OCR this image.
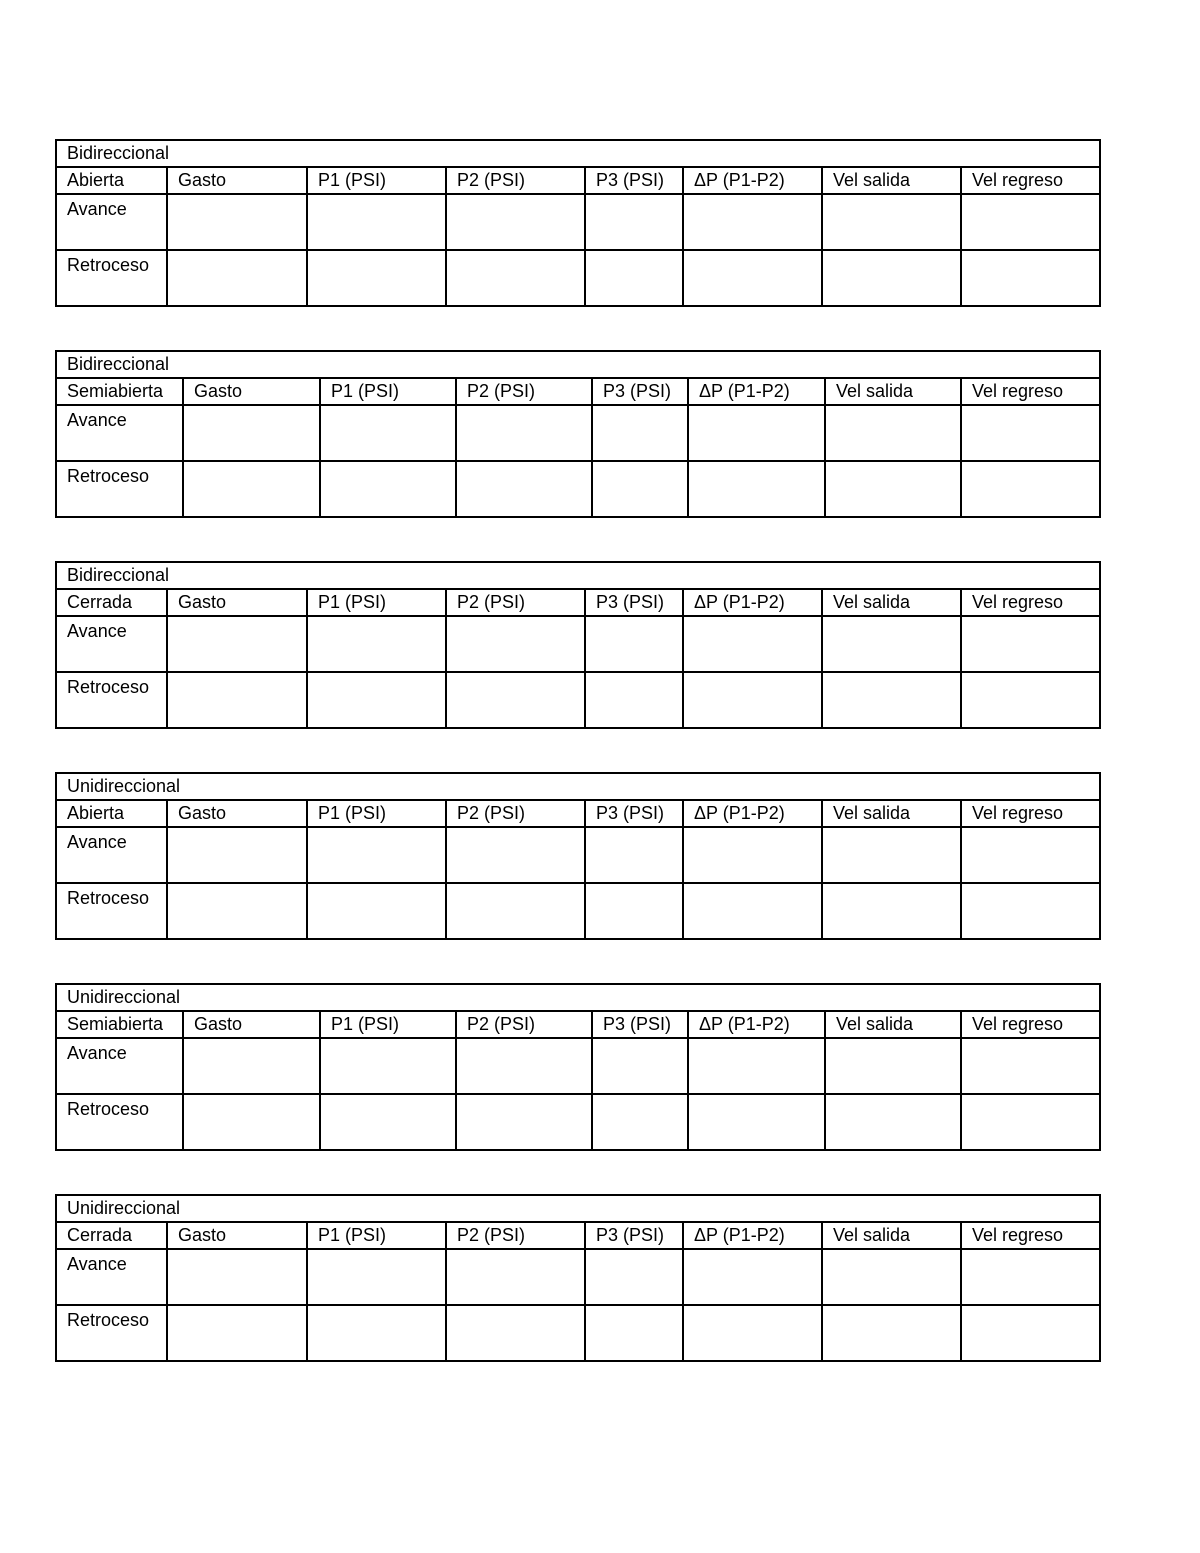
Bidireccional							
Abierta	Gasto	P1 (PSI)	P2 (PSI)	P3 (PSI)	ΔP (P1-P2)	Vel salida	Vel regreso
Avance							
Retroceso							
Bidireccional							
Semiabierta	Gasto	P1 (PSI)	P2 (PSI)	P3 (PSI)	ΔP (P1-P2)	Vel salida	Vel regreso
Avance							
Retroceso							
Bidireccional							
Cerrada	Gasto	P1 (PSI)	P2 (PSI)	P3 (PSI)	ΔP (P1-P2)	Vel salida	Vel regreso
Avance							
Retroceso							
Unidireccional							
Abierta	Gasto	P1 (PSI)	P2 (PSI)	P3 (PSI)	ΔP (P1-P2)	Vel salida	Vel regreso
Avance							
Retroceso							
Unidireccional							
Semiabierta	Gasto	P1 (PSI)	P2 (PSI)	P3 (PSI)	ΔP (P1-P2)	Vel salida	Vel regreso
Avance							
Retroceso							
Unidireccional							
Cerrada	Gasto	P1 (PSI)	P2 (PSI)	P3 (PSI)	ΔP (P1-P2)	Vel salida	Vel regreso
Avance							
Retroceso							
